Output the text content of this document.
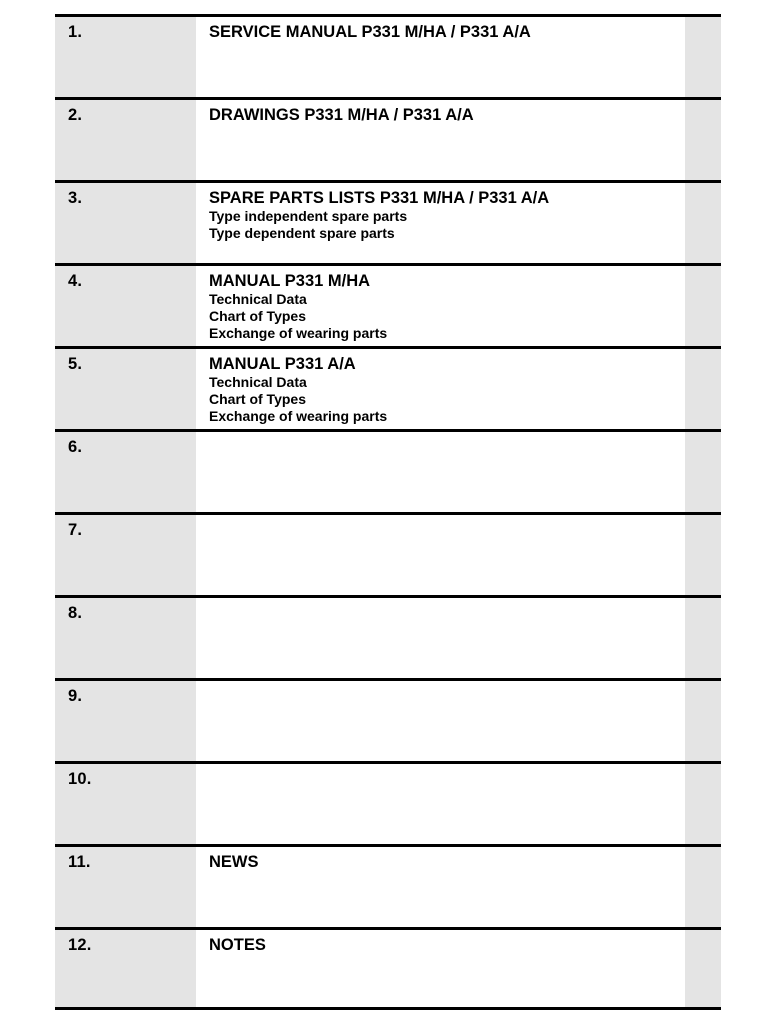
1.	SERVICE MANUAL P331 M/HA / P331 A/A
2.	DRAWINGS P331 M/HA / P331 A/A
3.	SPARE PARTS LISTS P331 M/HA / P331 A/A
Type independent spare parts
Type dependent spare parts
4.	MANUAL P331 M/HA
Technical Data
Chart of Types
Exchange of wearing parts
5.	MANUAL P331 A/A
Technical Data
Chart of Types
Exchange of wearing parts
6.
7.
8.
9.
10.
11.	NEWS
12.	NOTES
